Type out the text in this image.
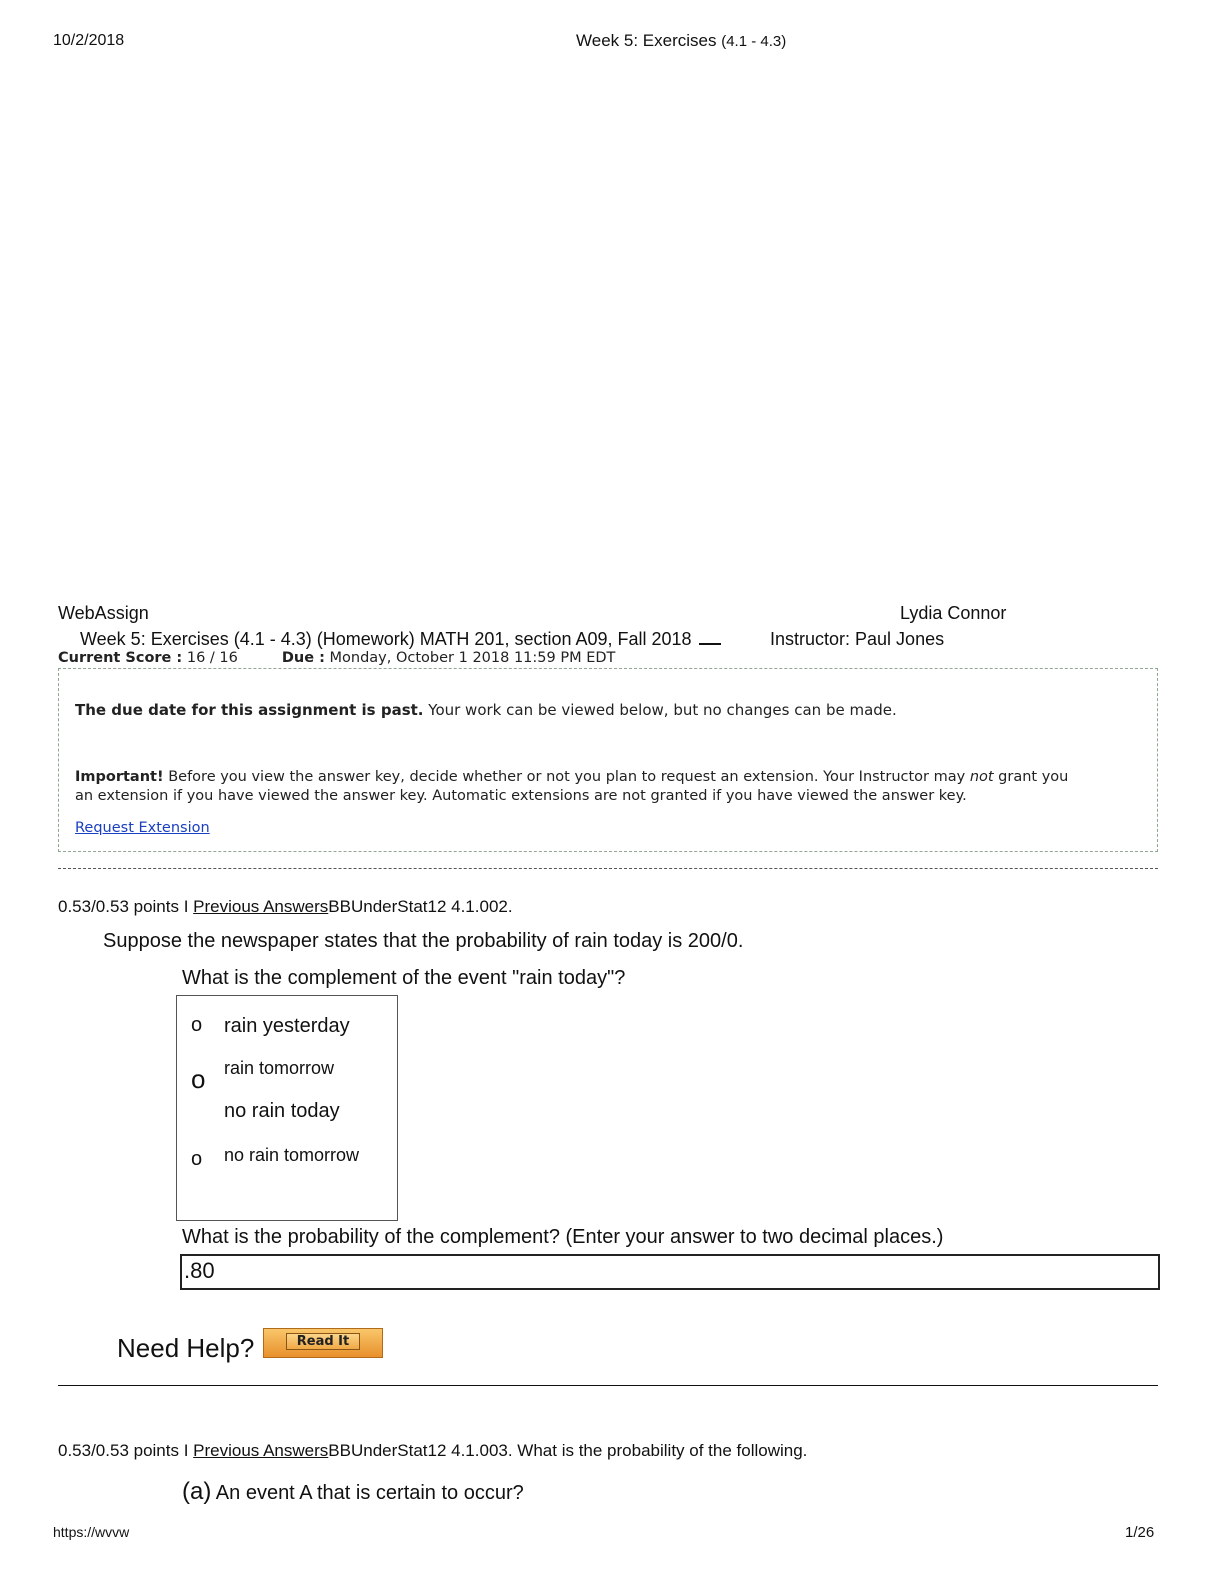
10/2/2018	Week 5: Exercises (4.1 - 4.3)
WebAssign	Lydia Connor
Week 5: Exercises (4.1 - 4.3) (Homework) MATH 201, section A09, Fall 2018	Instructor: Paul Jones
Current Score : 16 / 16	Due : Monday, October 1 2018 11:59 PM EDT
The due date for this assignment is past. Your work can be viewed below, but no changes can be made.
Important! Before you view the answer key, decide whether or not you plan to request an extension. Your Instructor may not grant you
an extension if you have viewed the answer key. Automatic extensions are not granted if you have viewed the answer key.
Request Extension
0.53/0.53 points I Previous AnswersBBUnderStat12 4.1.002.
Suppose the newspaper states that the probability of rain today is 200/0.
What is the complement of the event "rain today"?
o rain yesterday
o rain tomorrow
no rain today
o no rain tomorrow
What is the probability of the complement? (Enter your answer to two decimal places.)
.80
Need Help?	Read It
0.53/0.53 points I Previous AnswersBBUnderStat12 4.1.003. What is the probability of the following.
(a) An event A that is certain to occur?
https://wvvw	1/26
